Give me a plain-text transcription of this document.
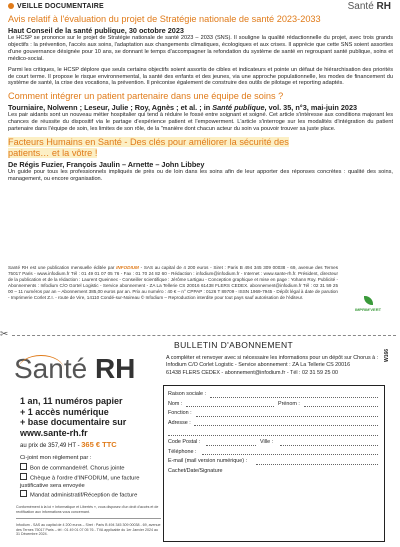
VEILLE DOCUMENTAIRE	Santé RH
Avis relatif à l'évaluation du projet de Stratégie nationale de santé 2023-2033
Haut Conseil de la santé publique, 30 octobre 2023

Le HCSP se prononce sur le projet de Stratégie nationale de santé 2023 – 2033 (SNS). Il souligne la qualité rédactionnelle du projet, avec trois grands objectifs : la prévention, l'accès aux soins, l'adaptation aux changements climatiques, écologiques et aux crises. Il apprécie que cette SNS soient assorties d'une gouvernance désignée pour 10 ans, se donnant le temps d'accompagner la refondation du système de santé en regroupant santé publique, soins et médico-social.

Parmi les critiques, le HCSP déplore que seuls certains objectifs soient assortis de cibles et indicateurs et pointe un défaut de hiérarchisation des priorités de court terme. Il propose le risque environnemental, la santé des enfants et des jeunes, via une approche populationnelle, les modes de financement du système de santé, la crise des vocations, la prévention. Il préconise également de construire des outils de pilotage et reporting adaptés.

Comment intégrer un patient partenaire dans une équipe de soins ?
Tourniaire, Nolwenn ; Leseur, Julie ; Roy, Agnès ; et al. ; in Santé publique, vol. 35, n°3, mai-juin 2023

Les pair aidants sont un nouveau métier hospitalier qui tend à réduire le fossé entre soignant et soigné. Cet article s'intéresse aux conditions majorant les chances de réussite du dispositif via le partage d'expérience patient et l'empowerment. L'article s'interroge sur les modalités d'intégration du patient partenaire dans l'équipe de soin, les limites de son rôle, de la "manière dont chacun acteur du soin va pouvoir trouver sa juste place.

Facteurs Humains en Santé - Des clés pour améliorer la sécurité des
patients… et la vôtre !
De Régis Fuzier, François Jaulin – Arnette – John Libbey

Un guide pour tous les professionnels impliqués de près ou de loin dans les soins afin de leur apporter des réponses concrètes : qualité des soins, management, ou encore organisation.

Santé RH est une publication mensuelle éditée par INFODIUM - SAS au capital de 4 200 euros - Siret : Paris B 494 345 309 00038 - 69, avenue des Ternes 75017 Paris - www.infodium.fr Tél : 01 49 01 07 05 76 - Fax : 01 70 24 82 60 - Rédaction : infodium@infodium.fr - Internet : www.sante-rh.fr. Président, directeur de la publication et de la rédaction : Laurent Queinnec - Conseiller scientifique : Jérôme Lartigau - Conception graphique et mise en page : Yohann Roy. Publicité - Abonnements : Infodium C/O Gortel Logistic - Service abonnement - ZA La Tellerie CS 20016 61438 FLERS CEDEX. abonnement@infodium.fr Tél : 02 31 59 25 00 – 11 numéros par an – Abonnement 385,00 euros par an. Prix au numéro : 40 € – n° CPPAP : 0126 T 89709 - ISSN 1969-7945 - Dépôt légal à date de parution - Imprimerie Corlet Z.I. - route de Vire, 14110 Condé-sur-Noireau © Infodium – Reproduction interdite pour tout pays sauf autorisation de l'éditeur.
IMPRIM'VERT
✂
BULLETIN D'ABONNEMENT
Santé RH	A compléter et renvoyer avec si nécessaire les informations pour un dépôt sur Chorus à :
Infodium C/O Corlet Logistic - Service abonnement : ZA La Tellerie CS 20016
61438 FLERS CEDEX - abonnement@infodium.fr - Tél : 02 31 59 25 00
W166
1 an, 11 numéros papier
+ 1 accès numérique
+ base documentaire sur
www.sante-rh.fr
au prix de 357,49 HT - 365 € TTC
Ci-joint mon règlement par :
Bon de commande/réf. Chorus jointe
Chèque à l'ordre d'INFODIUM, une facture justificative sera envoyée
Mandat administratif/Réception de facture
Conformément à la loi « Informatique et Libertés », vous disposez d'un droit d'accès et de rectification aux informations vous concernant.
Infodium - SAS au capital de 4 200 euros – Siret : Paris B 494 345 309 00038 - 69, avenue des Ternes 75017 Paris – tél : 01 49 01 07 05 76 - TVA applicable du 1er Janvier 2024 au 31 Décembre 2024.
Raison sociale :
Nom :	Prénom :
Fonction :
Adresse :
Code Postal :	Ville :
Téléphone :
E-mail (mail version numérique) :
Cachet/Date/Signature
